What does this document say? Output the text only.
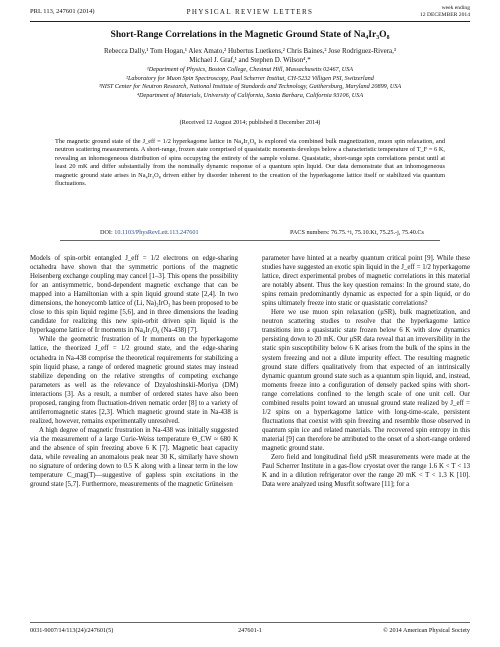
PRL 113, 247601 (2014)	PHYSICAL REVIEW LETTERS	week ending
12 DECEMBER 2014
Short-Range Correlations in the Magnetic Ground State of Na₄Ir₃O₈
Rebecca Dally,¹ Tom Hogan,¹ Alex Amato,² Hubertus Luetkens,² Chris Baines,² Jose Rodriguez-Rivera,³
Michael J. Graf,¹ and Stephen D. Wilson⁴,*
¹Department of Physics, Boston College, Chestnut Hill, Massachusetts 02467, USA
²Laboratory for Muon Spin Spectroscopy, Paul Scherrer Institut, CH-5232 Villigen PSI, Switzerland
³NIST Center for Neutron Research, National Institute of Standards and Technology, Gaithersburg, Maryland 20899, USA
⁴Department of Materials, University of California, Santa Barbara, California 93106, USA
(Received 12 August 2014; published 8 December 2014)
The magnetic ground state of the J_eff = 1/2 hyperkagome lattice in Na₄Ir₃O₈ is explored via combined bulk magnetization, muon spin relaxation, and neutron scattering measurements. A short-range, frozen state comprised of quasistatic moments develops below a characteristic temperature of T_F = 6 K, revealing an inhomogeneous distribution of spins occupying the entirety of the sample volume. Quasistatic, short-range spin correlations persist until at least 20 mK and differ substantially from the nominally dynamic response of a quantum spin liquid. Our data demonstrate that an inhomogeneous magnetic ground state arises in Na₄Ir₃O₈ driven either by disorder inherent to the creation of the hyperkagome lattice itself or stabilized via quantum fluctuations.
DOI: 10.1103/PhysRevLett.113.247601	PACS numbers: 76.75.+i, 75.10.Kt, 75.25.-j, 75.40.Cs

Models of spin-orbit entangled J_eff = 1/2 electrons on edge-sharing octahedra have shown that the symmetric portions of the magnetic Heisenberg exchange coupling may cancel [1–3]. This opens the possibility for an antisymmetric, bond-dependent magnetic exchange that can be mapped into a Hamiltonian with a spin liquid ground state [2,4]. In two dimensions, the honeycomb lattice of (Li, Na)₂IrO₃ has been proposed to be close to this spin liquid regime [5,6], and in three dimensions the leading candidate for realizing this new spin-orbit driven spin liquid is the hyperkagome lattice of Ir moments in Na₄Ir₃O₈ (Na-438) [7].

While the geometric frustration of Ir moments on the hyperkagome lattice, the theorized J_eff = 1/2 ground state, and the edge-sharing octahedra in Na-438 comprise the theoretical requirements for stabilizing a spin liquid phase, a range of ordered magnetic ground states may instead stabilize depending on the relative strengths of competing exchange parameters as well as the relevance of Dzyaloshinskii-Moriya (DM) interactions [3]. As a result, a number of ordered states have also been proposed, ranging from fluctuation-driven nematic order [8] to a variety of antiferromagnetic states [2,3]. Which magnetic ground state in Na-438 is realized, however, remains experimentally unresolved.

A high degree of magnetic frustration in Na-438 was initially suggested via the measurement of a large Curie-Weiss temperature Θ_CW ≈ 680 K and the absence of spin freezing above 6 K [7]. Magnetic heat capacity data, while revealing an anomalous peak near 30 K, similarly have shown no signature of ordering down to 0.5 K along with a linear term in the low temperature C_mag(T)—suggestive of gapless spin excitations in the ground state [5,7]. Furthermore, measurements of the magnetic Grüneisen

parameter have hinted at a nearby quantum critical point [9]. While these studies have suggested an exotic spin liquid in the J_eff = 1/2 hyperkagome lattice, direct experimental probes of magnetic correlations in this material are notably absent. Thus the key question remains: In the ground state, do spins remain predominantly dynamic as expected for a spin liquid, or do spins ultimately freeze into static or quasistatic correlations?

Here we use muon spin relaxation (μSR), bulk magnetization, and neutron scattering studies to resolve that the hyperkagome lattice transitions into a quasistatic state frozen below 6 K with slow dynamics persisting down to 20 mK. Our μSR data reveal that an irreversibility in the static spin susceptibility below 6 K arises from the bulk of the spins in the system freezing and not a dilute impurity effect. The resulting magnetic ground state differs qualitatively from that expected of an intrinsically dynamic quantum ground state such as a quantum spin liquid, and, instead, moments freeze into a configuration of densely packed spins with short-range correlations confined to the length scale of one unit cell. Our combined results point toward an unusual ground state realized by J_eff = 1/2 spins on a hyperkagome lattice with long-time-scale, persistent fluctuations that coexist with spin freezing and resemble those observed in quantum spin ice and related materials. The recovered spin entropy in this material [9] can therefore be attributed to the onset of a short-range ordered magnetic ground state.

Zero field and longitudinal field μSR measurements were made at the Paul Scherrer Institute in a gas-flow cryostat over the range 1.6 K < T < 13 K and in a dilution refrigerator over the range 20 mK < T < 1.3 K [10]. Data were analyzed using Musrfit software [11]; for a

0031-9007/14/113(24)/247601(5)	247601-1	© 2014 American Physical Society
